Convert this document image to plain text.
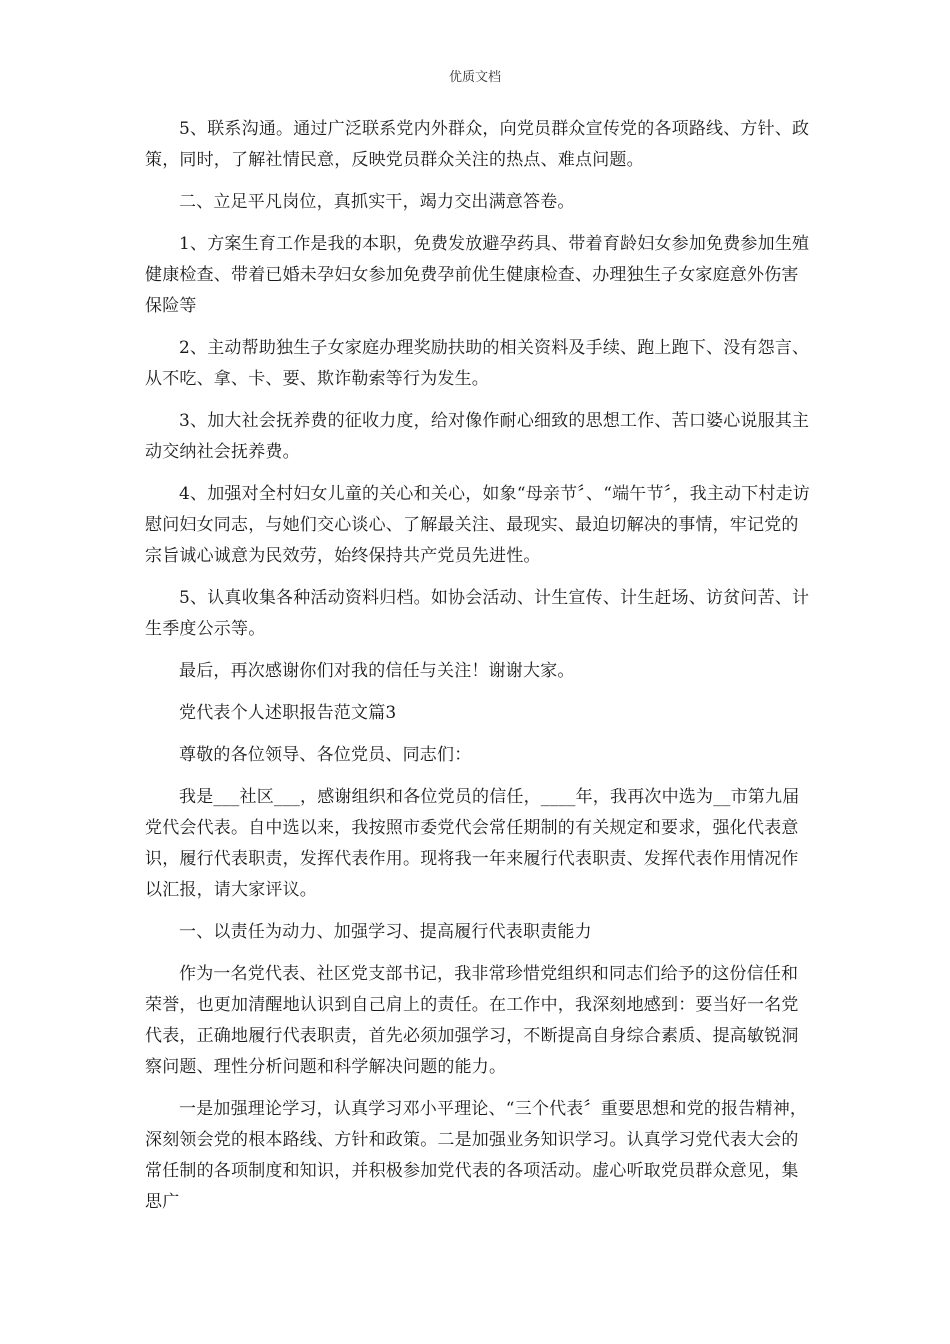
优质文档

5、联系沟通。通过广泛联系党内外群众，向党员群众宣传党的各项路线、方针、政策，同时，了解社情民意，反映党员群众关注的热点、难点问题。

二、立足平凡岗位，真抓实干，竭力交出满意答卷。

1、方案生育工作是我的本职，免费发放避孕药具、带着育龄妇女参加免费参加生殖健康检查、带着已婚未孕妇女参加免费孕前优生健康检查、办理独生子女家庭意外伤害保险等

2、主动帮助独生子女家庭办理奖励扶助的相关资料及手续、跑上跑下、没有怨言、从不吃、拿、卡、要、欺诈勒索等行为发生。

3、加大社会抚养费的征收力度，给对像作耐心细致的思想工作、苦口婆心说服其主动交纳社会抚养费。

4、加强对全村妇女儿童的关心和关心，如象“母亲节〞、“端午节〞，我主动下村走访慰问妇女同志，与她们交心谈心、了解最关注、最现实、最迫切解决的事情，牢记党的宗旨诚心诚意为民效劳，始终保持共产党员先进性。

5、认真收集各种活动资料归档。如协会活动、计生宣传、计生赶场、访贫问苦、计生季度公示等。

最后，再次感谢你们对我的信任与关注！谢谢大家。

党代表个人述职报告范文篇3

尊敬的各位领导、各位党员、同志们：

我是___社区___，感谢组织和各位党员的信任，____年，我再次中选为__市第九届党代会代表。自中选以来，我按照市委党代会常任期制的有关规定和要求，强化代表意识，履行代表职责，发挥代表作用。现将我一年来履行代表职责、发挥代表作用情况作以汇报，请大家评议。

一、以责任为动力、加强学习、提高履行代表职责能力

作为一名党代表、社区党支部书记，我非常珍惜党组织和同志们给予的这份信任和荣誉，也更加清醒地认识到自己肩上的责任。在工作中，我深刻地感到：要当好一名党代表，正确地履行代表职责，首先必须加强学习，不断提高自身综合素质、提高敏锐洞察问题、理性分析问题和科学解决问题的能力。

一是加强理论学习，认真学习邓小平理论、“三个代表〞重要思想和党的报告精神，深刻领会党的根本路线、方针和政策。二是加强业务知识学习。认真学习党代表大会的常任制的各项制度和知识，并积极参加党代表的各项活动。虚心听取党员群众意见，集思广
